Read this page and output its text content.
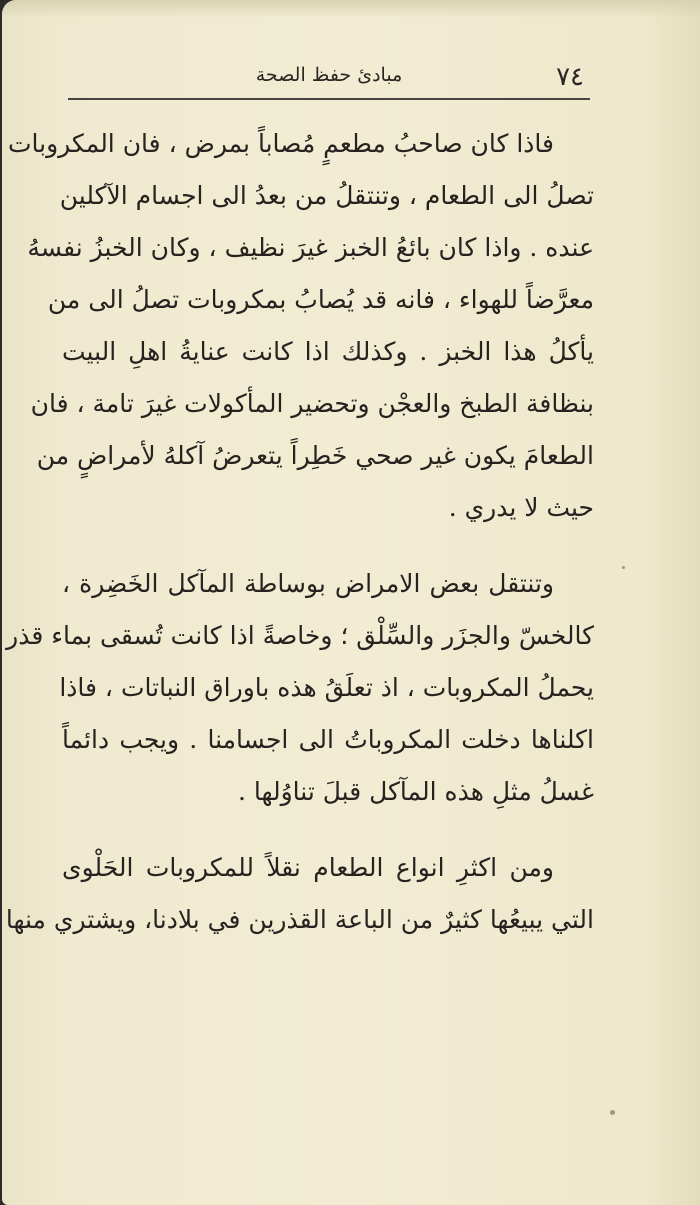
٧٤
مبادئ حفظ الصحة
فاذا كان صاحبُ مطعمٍ مُصاباً بمرض ، فان المكروبات
تصلُ الى الطعام ، وتنتقلُ من بعدُ الى اجسام الآكلين
عنده . واذا كان بائعُ الخبز غيرَ نظيف ، وكان الخبزُ نفسهُ
معرَّضاً للهواء ، فانه قد يُصابُ بمكروبات تصلُ الى من
يأكلُ هذا الخبز . وكذلك اذا كانت عنايةُ اهلِ البيت
بنظافة الطبخ والعجْن وتحضير المأكولات غيرَ تامة ، فان
الطعامَ يكون غير صحي خَطِراً يتعرضُ آكلهُ لأمراضٍ من
حيث لا يدري .
وتنتقل بعض الامراض بوساطة المآكل الخَضِرة ،
كالخسّ والجزَر والسِّلْق ؛ وخاصةً اذا كانت تُسقى بماء قذر
يحملُ المكروبات ، اذ تعلَقُ هذه باوراق النباتات ، فاذا
اكلناها دخلت المكروباتُ الى اجسامنا . ويجب دائماً
غسلُ مثلِ هذه المآكل قبلَ تناوُلها .
ومن اكثرِ انواع الطعام نقلاً للمكروبات الحَلْوى
التي يبيعُها كثيرٌ من الباعة القذرين في بلادنا، ويشتري منها
